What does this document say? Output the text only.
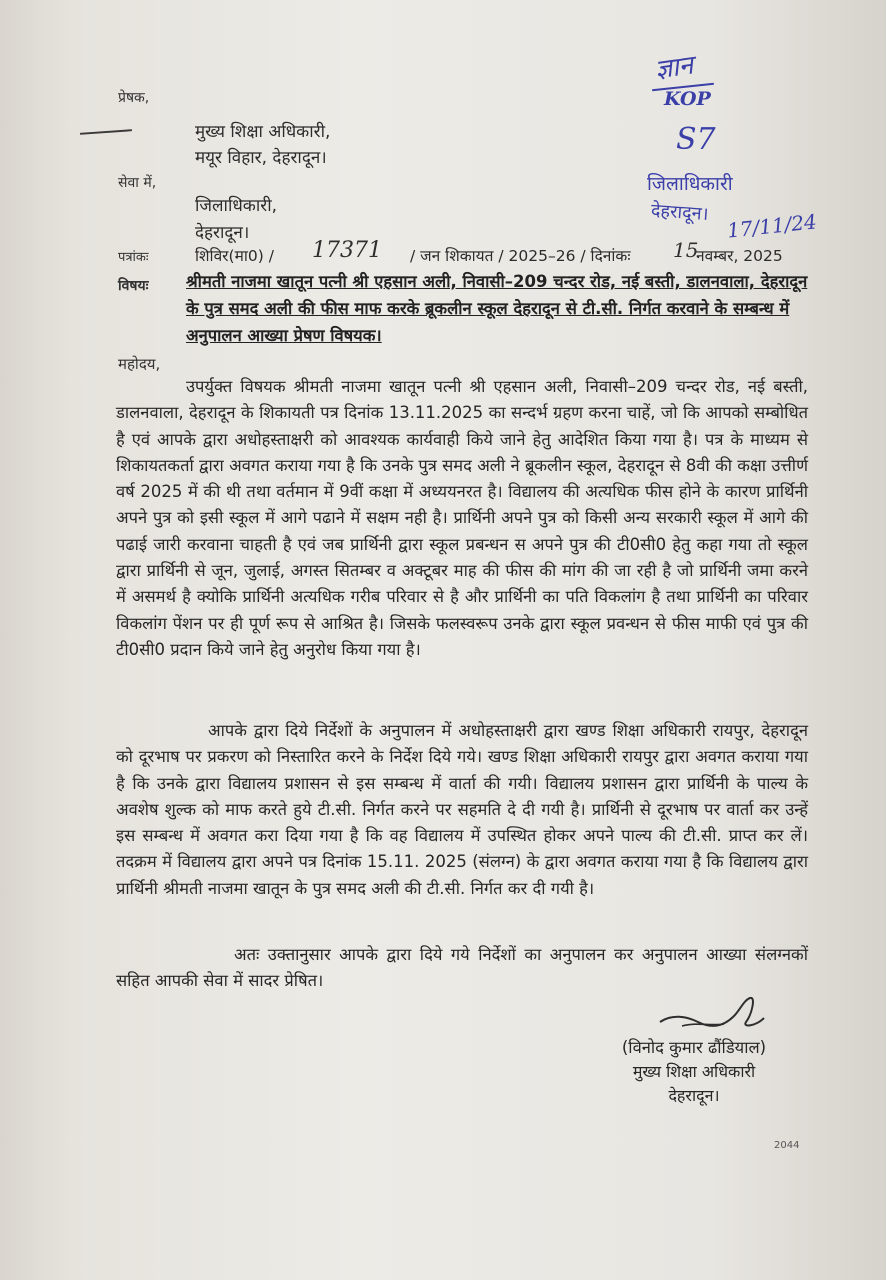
ज्ञान
KOP
S7
जिलाधिकारी
देहरादून। 17/11/24
प्रेषक,
मुख्य शिक्षा अधिकारी,
मयूर विहार, देहरादून।
सेवा में,
जिलाधिकारी,
देहरादून।
पत्रांकः	शिविर(मा0) / 17371 / जन शिकायत / 2025–26 / दिनांकः 15
नवम्बर, 2025
विषयः श्रीमती नाजमा खातून पत्नी श्री एहसान अली, निवासी–209 चन्दर रोड, नई बस्ती, डालनवाला, देहरादून के पुत्र समद अली की फीस माफ करके ब्रूकलीन स्कूल देहरादून से टी.सी. निर्गत करवाने के सम्बन्ध में अनुपालन आख्या प्रेषण विषयक।
महोदय,
उपर्युक्त विषयक श्रीमती नाजमा खातून पत्नी श्री एहसान अली, निवासी–209 चन्दर रोड, नई बस्ती, डालनवाला, देहरादून के शिकायती पत्र दिनांक 13.11.2025 का सन्दर्भ ग्रहण करना चाहें, जो कि आपको सम्बोधित है एवं आपके द्वारा अधोहस्ताक्षरी को आवश्यक कार्यवाही किये जाने हेतु आदेशित किया गया है। पत्र के माध्यम से शिकायतकर्ता द्वारा अवगत कराया गया है कि उनके पुत्र समद अली ने ब्रूकलीन स्कूल, देहरादून से 8वी की कक्षा उत्तीर्ण वर्ष 2025 में की थी तथा वर्तमान में 9वीं कक्षा में अध्ययनरत है। विद्यालय की अत्यधिक फीस होने के कारण प्रार्थिनी अपने पुत्र को इसी स्कूल में आगे पढाने में सक्षम नही है। प्रार्थिनी अपने पुत्र को किसी अन्य सरकारी स्कूल में आगे की पढाई जारी करवाना चाहती है एवं जब प्रार्थिनी द्वारा स्कूल प्रबन्धन स अपने पुत्र की टी0सी0 हेतु कहा गया तो स्कूल द्वारा प्रार्थिनी से जून, जुलाई, अगस्त सितम्बर व अक्टूबर माह की फीस की मांग की जा रही है जो प्रार्थिनी जमा करने में असमर्थ है क्योकि प्रार्थिनी अत्यधिक गरीब परिवार से है और प्रार्थिनी का पति विकलांग है तथा प्रार्थिनी का परिवार विकलांग पेंशन पर ही पूर्ण रूप से आश्रित है। जिसके फलस्वरूप उनके द्वारा स्कूल प्रवन्धन से फीस माफी एवं पुत्र की टी0सी0 प्रदान किये जाने हेतु अनुरोध किया गया है।
आपके द्वारा दिये निर्देशों के अनुपालन में अधोहस्ताक्षरी द्वारा खण्ड शिक्षा अधिकारी रायपुर, देहरादून को दूरभाष पर प्रकरण को निस्तारित करने के निर्देश दिये गये। खण्ड शिक्षा अधिकारी रायपुर द्वारा अवगत कराया गया है कि उनके द्वारा विद्यालय प्रशासन से इस सम्बन्ध में वार्ता की गयी। विद्यालय प्रशासन द्वारा प्रार्थिनी के पाल्य के अवशेष शुल्क को माफ करते हुये टी.सी. निर्गत करने पर सहमति दे दी गयी है। प्रार्थिनी से दूरभाष पर वार्ता कर उन्हें इस सम्बन्ध में अवगत करा दिया गया है कि वह विद्यालय में उपस्थित होकर अपने पाल्य की टी.सी. प्राप्त कर लें। तदक्रम में विद्यालय द्वारा अपने पत्र दिनांक 15.11. 2025 (संलग्न) के द्वारा अवगत कराया गया है कि विद्यालय द्वारा प्रार्थिनी श्रीमती नाजमा खातून के पुत्र समद अली की टी.सी. निर्गत कर दी गयी है।
अतः उक्तानुसार आपके द्वारा दिये गये निर्देशों का अनुपालन कर अनुपालन आख्या संलग्नकों सहित आपकी सेवा में सादर प्रेषित।
(विनोद कुमार ढौंडियाल)
मुख्य शिक्षा अधिकारी
देहरादून।
2044
